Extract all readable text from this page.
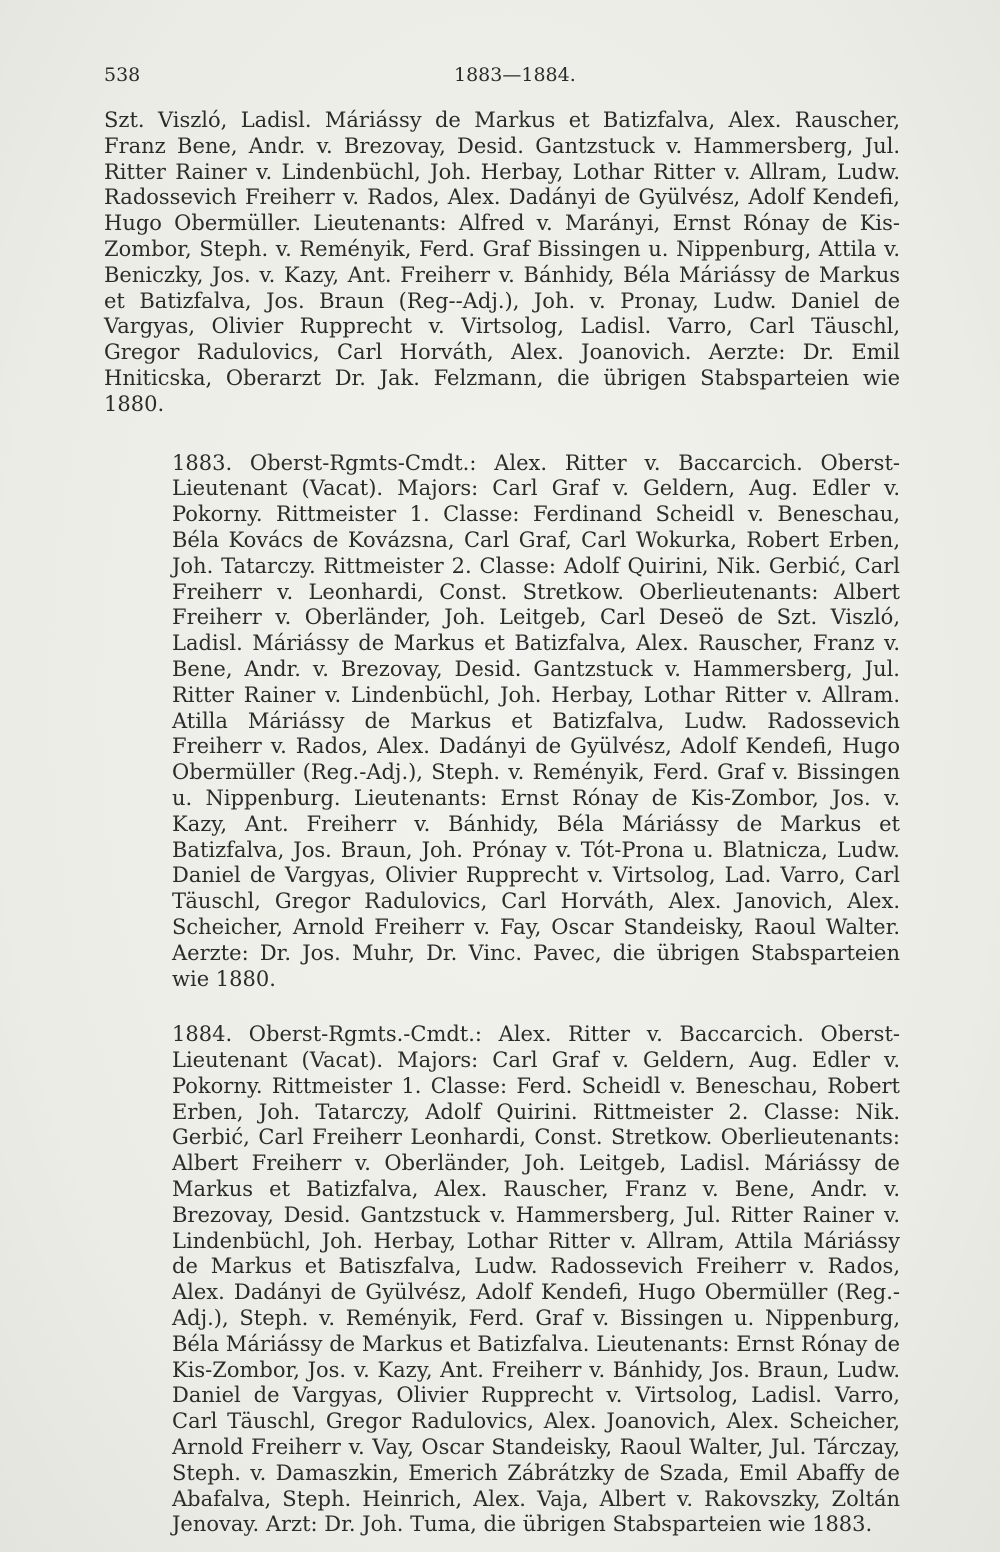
538	1883—1884.

Szt. Viszló, Ladisl. Máriássy de Markus et Batizfalva, Alex. Rauscher, Franz Bene, Andr. v. Brezovay, Desid. Gantzstuck v. Hammersberg, Jul. Ritter Rainer v. Lindenbüchl, Joh. Herbay, Lothar Ritter v. Allram, Ludw. Radossevich Freiherr v. Rados, Alex. Dadányi de Gyülvész, Adolf Kendefi, Hugo Obermüller. Lieutenants: Alfred v. Marányi, Ernst Rónay de Kis-Zombor, Steph. v. Reményik, Ferd. Graf Bissingen u. Nippenburg, Attila v. Beniczky, Jos. v. Kazy, Ant. Freiherr v. Bánhidy, Béla Máriássy de Markus et Batizfalva, Jos. Braun (Reg--Adj.), Joh. v. Pronay, Ludw. Daniel de Vargyas, Olivier Rupprecht v. Virtsolog, Ladisl. Varro, Carl Täuschl, Gregor Radulovics, Carl Horváth, Alex. Joanovich. Aerzte: Dr. Emil Hniticska, Oberarzt Dr. Jak. Felzmann, die übrigen Stabsparteien wie 1880.

1883. Oberst-Rgmts-Cmdt.: Alex. Ritter v. Baccarcich. Oberst-Lieutenant (Vacat). Majors: Carl Graf v. Geldern, Aug. Edler v. Pokorny. Rittmeister 1. Classe: Ferdinand Scheidl v. Beneschau, Béla Kovács de Kovázsna, Carl Graf, Carl Wokurka, Robert Erben, Joh. Tatarczy. Rittmeister 2. Classe: Adolf Quirini, Nik. Gerbić, Carl Freiherr v. Leonhardi, Const. Stretkow. Oberlieutenants: Albert Freiherr v. Oberländer, Joh. Leitgeb, Carl Deseö de Szt. Viszló, Ladisl. Máriássy de Markus et Batizfalva, Alex. Rauscher, Franz v. Bene, Andr. v. Brezovay, Desid. Gantzstuck v. Hammersberg, Jul. Ritter Rainer v. Lindenbüchl, Joh. Herbay, Lothar Ritter v. Allram. Atilla Máriássy de Markus et Batizfalva, Ludw. Radossevich Freiherr v. Rados, Alex. Dadányi de Gyülvész, Adolf Kendefi, Hugo Obermüller (Reg.-Adj.), Steph. v. Reményik, Ferd. Graf v. Bissingen u. Nippenburg. Lieutenants: Ernst Rónay de Kis-Zombor, Jos. v. Kazy, Ant. Freiherr v. Bánhidy, Béla Máriássy de Markus et Batizfalva, Jos. Braun, Joh. Prónay v. Tót-Prona u. Blatnicza, Ludw. Daniel de Vargyas, Olivier Rupprecht v. Virtsolog, Lad. Varro, Carl Täuschl, Gregor Radulovics, Carl Horváth, Alex. Janovich, Alex. Scheicher, Arnold Freiherr v. Fay, Oscar Standeisky, Raoul Walter. Aerzte: Dr. Jos. Muhr, Dr. Vinc. Pavec, die übrigen Stabsparteien wie 1880.

1884. Oberst-Rgmts.-Cmdt.: Alex. Ritter v. Baccarcich. Oberst-Lieutenant (Vacat). Majors: Carl Graf v. Geldern, Aug. Edler v. Pokorny. Rittmeister 1. Classe: Ferd. Scheidl v. Beneschau, Robert Erben, Joh. Tatarczy, Adolf Quirini. Rittmeister 2. Classe: Nik. Gerbić, Carl Freiherr Leonhardi, Const. Stretkow. Oberlieutenants: Albert Freiherr v. Oberländer, Joh. Leitgeb, Ladisl. Máriássy de Markus et Batizfalva, Alex. Rauscher, Franz v. Bene, Andr. v. Brezovay, Desid. Gantzstuck v. Hammersberg, Jul. Ritter Rainer v. Lindenbüchl, Joh. Herbay, Lothar Ritter v. Allram, Attila Máriássy de Markus et Batiszfalva, Ludw. Radossevich Freiherr v. Rados, Alex. Dadányi de Gyülvész, Adolf Kendefi, Hugo Obermüller (Reg.-Adj.), Steph. v. Reményik, Ferd. Graf v. Bissingen u. Nippenburg, Béla Máriássy de Markus et Batizfalva. Lieutenants: Ernst Rónay de Kis-Zombor, Jos. v. Kazy, Ant. Freiherr v. Bánhidy, Jos. Braun, Ludw. Daniel de Vargyas, Olivier Rupprecht v. Virtsolog, Ladisl. Varro, Carl Täuschl, Gregor Radulovics, Alex. Joanovich, Alex. Scheicher, Arnold Freiherr v. Vay, Oscar Standeisky, Raoul Walter, Jul. Tárczay, Steph. v. Damaszkin, Emerich Zábrátzky de Szada, Emil Abaffy de Abafalva, Steph. Heinrich, Alex. Vaja, Albert v. Rakovszky, Zoltán Jenovay. Arzt: Dr. Joh. Tuma, die übrigen Stabsparteien wie 1883.
